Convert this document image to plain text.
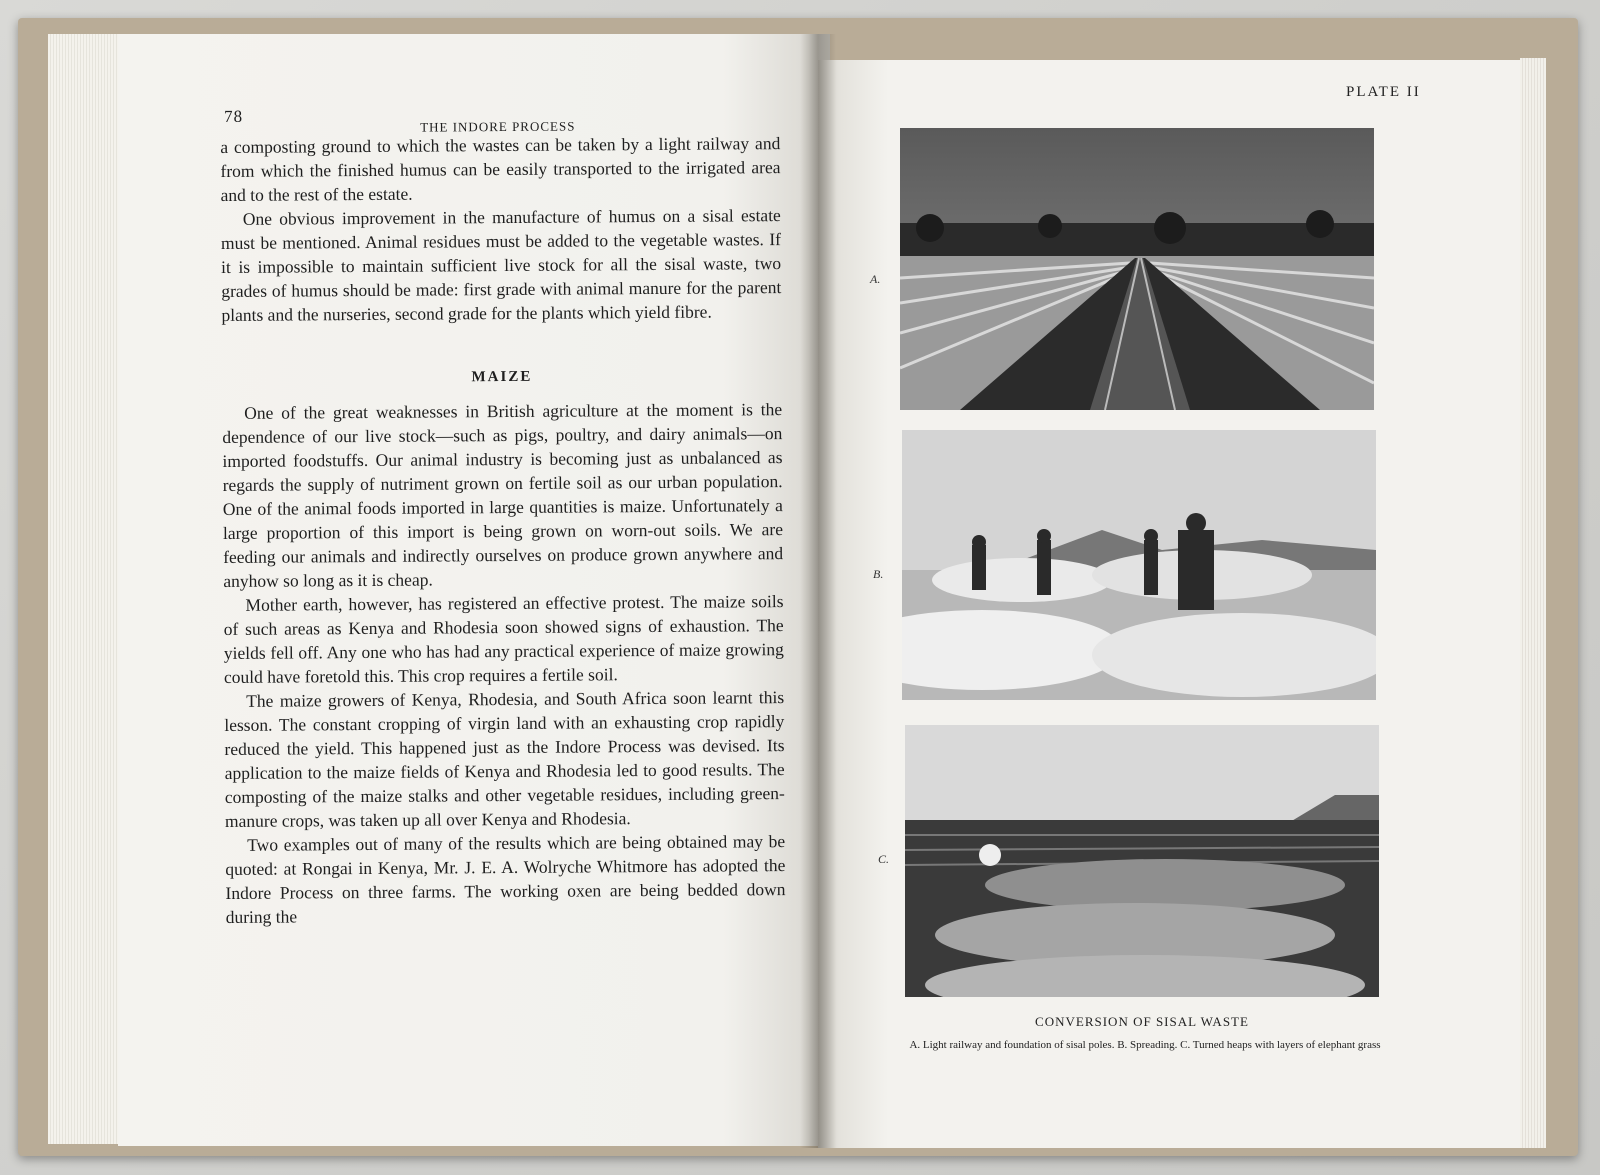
78
THE INDORE PROCESS

a composting ground to which the wastes can be taken by a light railway and from which the finished humus can be easily transported to the irrigated area and to the rest of the estate.

One obvious improvement in the manufacture of humus on a sisal estate must be mentioned. Animal residues must be added to the vegetable wastes. If it is impossible to maintain sufficient live stock for all the sisal waste, two grades of humus should be made: first grade with animal manure for the parent plants and the nurseries, second grade for the plants which yield fibre.

MAIZE

One of the great weaknesses in British agriculture at the moment is the dependence of our live stock—such as pigs, poultry, and dairy animals—on imported foodstuffs. Our animal industry is becoming just as unbalanced as regards the supply of nutriment grown on fertile soil as our urban population. One of the animal foods imported in large quantities is maize. Unfortunately a large proportion of this import is being grown on worn-out soils. We are feeding our animals and indirectly ourselves on produce grown anywhere and anyhow so long as it is cheap.

Mother earth, however, has registered an effective protest. The maize soils of such areas as Kenya and Rhodesia soon showed signs of exhaustion. The yields fell off. Any one who has had any practical experience of maize growing could have foretold this. This crop requires a fertile soil.

The maize growers of Kenya, Rhodesia, and South Africa soon learnt this lesson. The constant cropping of virgin land with an exhausting crop rapidly reduced the yield. This happened just as the Indore Process was devised. Its application to the maize fields of Kenya and Rhodesia led to good results. The composting of the maize stalks and other vegetable residues, including green-manure crops, was taken up all over Kenya and Rhodesia.

Two examples out of many of the results which are being obtained may be quoted: at Rongai in Kenya, Mr. J. E. A. Wolryche Whitmore has adopted the Indore Process on three farms. The working oxen are being bedded down during the

PLATE II
A.
B.
C.
CONVERSION OF SISAL WASTE
A. Light railway and foundation of sisal poles. B. Spreading. C. Turned heaps with layers of elephant grass
